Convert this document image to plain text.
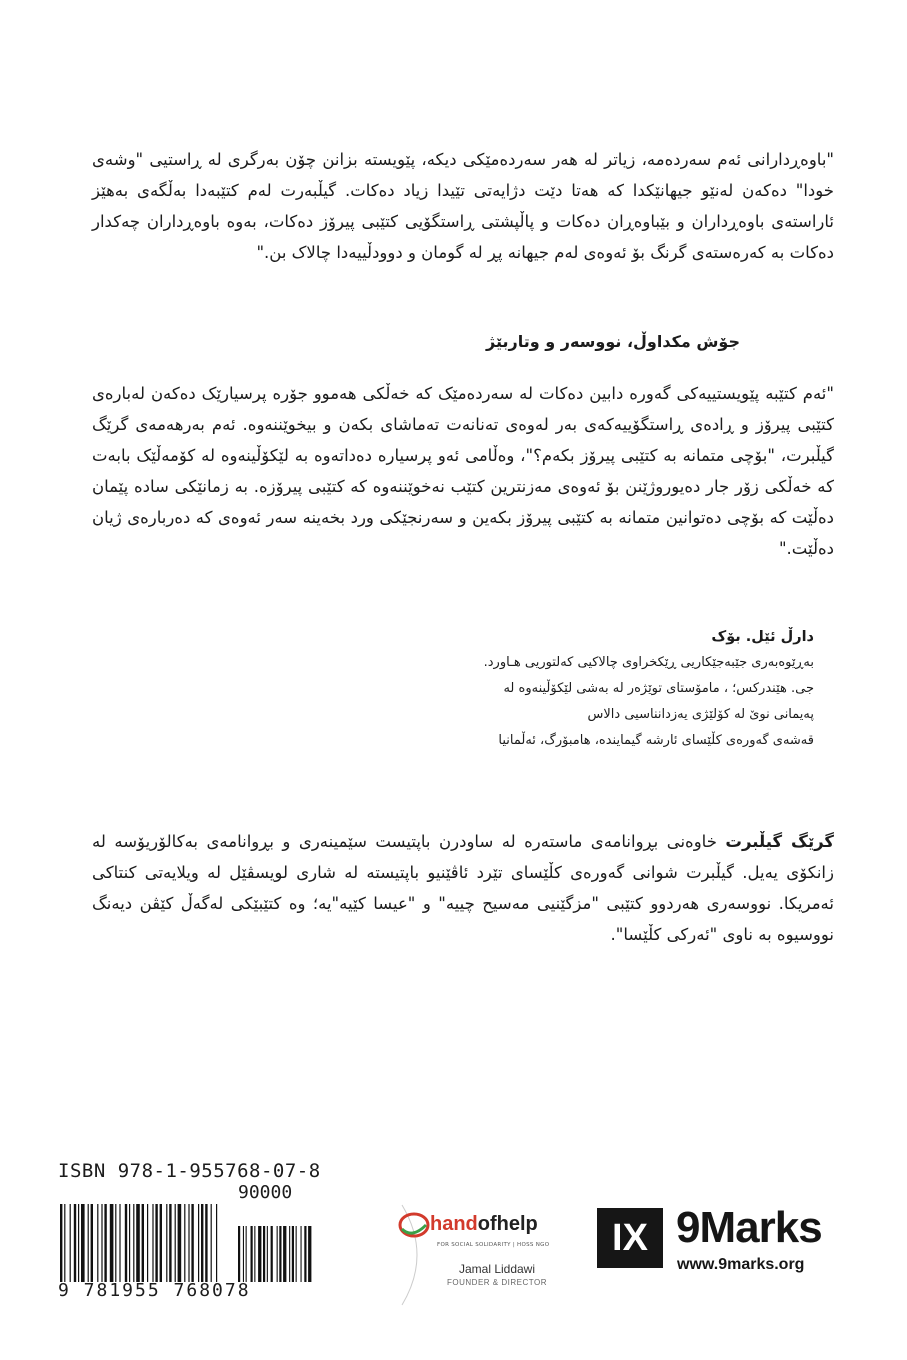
"باوەڕدارانی ئەم سەردەمە، زیاتر لە هەر سەردەمێکی دیکە، پێویستە بزانن چۆن بەرگری لە ڕاستیی "وشەی خودا" دەکەن لەنێو جیهانێکدا کە هەتا دێت دژایەتی تێیدا زیاد دەکات. گیڵبەرت لەم کتێبەدا بەڵگەی بەهێز ئاراستەی باوەڕداران و بێباوەڕان دەکات و پاڵپشتی ڕاستگۆیی کتێبی پیرۆز دەکات، بەوە باوەڕداران چەکدار دەکات بە کەرەستەی گرنگ بۆ ئەوەی لەم جیهانە پڕ لە گومان و دوودڵییەدا چالاک بن."

جۆش مکداوڵ، نووسەر و وتاربێژ

"ئەم کتێبە پێویستییەکی گەورە دابین دەکات لە سەردەمێک کە خەڵکی هەموو جۆرە پرسیارێک دەکەن لەبارەی کتێبی پیرۆز و ڕادەی ڕاستگۆییەکەی بەر لەوەی تەنانەت تەماشای بکەن و بیخوێننەوە. ئەم بەرهەمەی گرێگ گیڵبرت، "بۆچی متمانە بە کتێبی پیرۆز بکەم؟"، وەڵامی ئەو پرسیارە دەداتەوە بە لێکۆڵینەوە لە کۆمەڵێک بابەت کە خەڵکی زۆر جار دەیوروژێنن بۆ ئەوەی مەزنترین کتێب نەخوێننەوە کە کتێبی پیرۆزە. بە زمانێکی سادە پێمان دەڵێت کە بۆچی دەتوانین متمانە بە کتێبی پیرۆز بکەین و سەرنجێکی ورد بخەینە سەر ئەوەی کە دەربارەی ژیان دەڵێت."

دارڵ ئێل. بۆک
بەڕێوەبەری جێبەجێکاریی ڕێکخراوی چالاکیی کەلتوریی هـاورد.
جی. هێندرکس؛ ، مامۆستای توێژەر لە بەشی لێکۆڵینەوە لە
پەیمانی نوێ لە کۆلێژی یەزدانناسیی دالاس
قەشەی گەورەی کڵێسای ئارشە گیماینده، هامبۆرگ، ئەڵمانیا

گرێگ گیڵبرت خاوەنی بڕوانامەی ماستەرە لە ساودرن باپتیست سێمینەری و بڕوانامەی بەکالۆریۆسە لە زانکۆی یەیل. گیڵبرت شوانی گەورەی کڵێسای تێرد ئاڤێنیو باپتیستە لە شاری لویسڤێل لە ویلایەتی کنتاکی ئەمریکا. نووسەری هەردوو کتێبی "مزگێنیی مەسیح چییە" و "عیسا کێیە"یە؛ وە کتێبێکی لەگەڵ کێڤن دیەنگ نووسیوە بە ناوی "ئەرکی کڵێسا".

ISBN 978-1-955768-07-8
90000
9 781955 768078
handofhelp
FOR SOCIAL SOLIDARITY | HOSS NGO
Jamal Liddawi
FOUNDER & DIRECTOR
IX 9Marks
www.9marks.org
